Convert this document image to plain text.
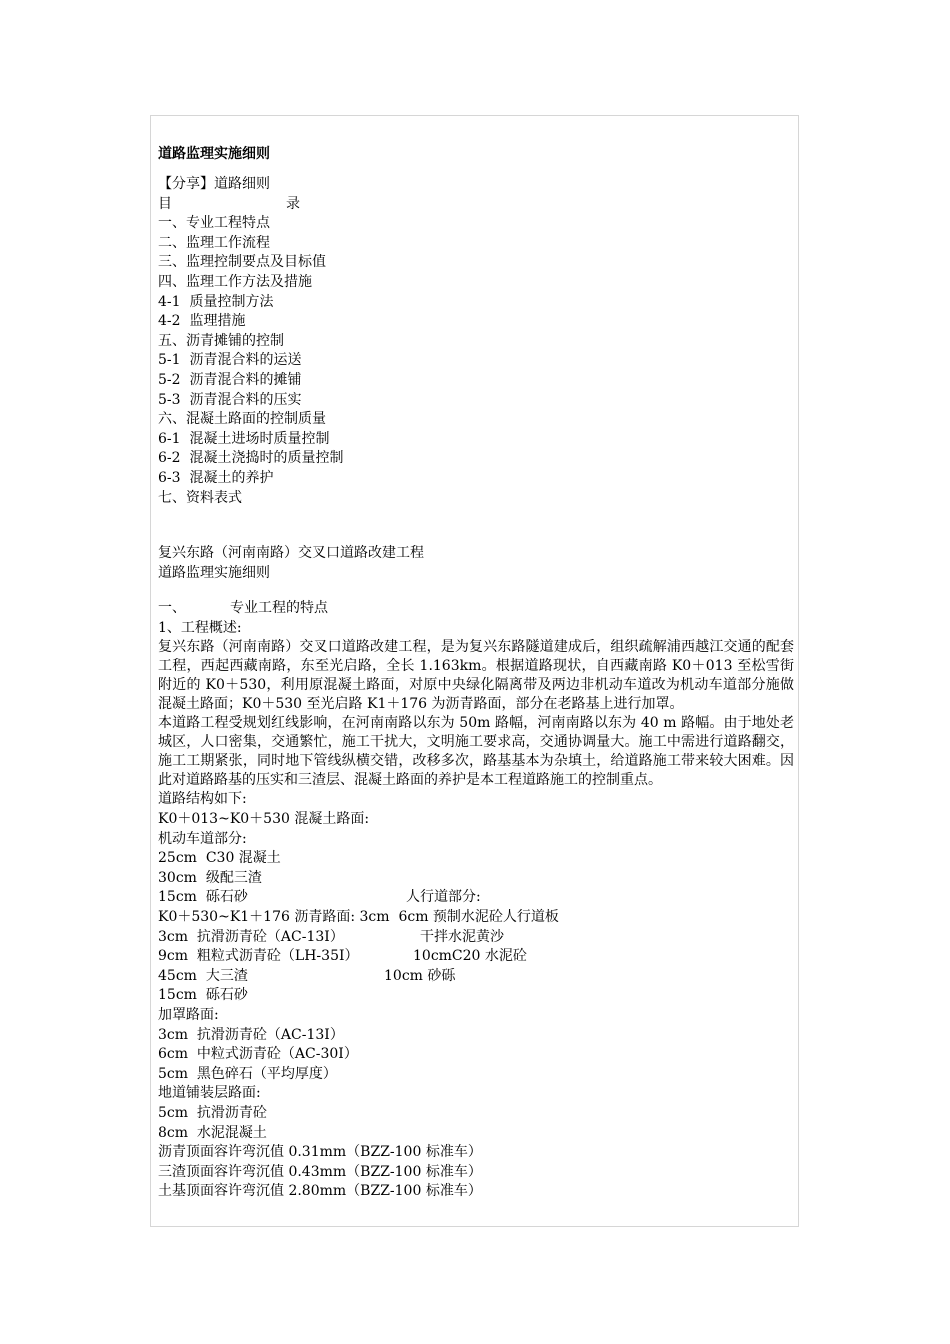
道路监理实施细则
【分享】道路细则
目	录
一、专业工程特点
二、监理工作流程
三、监理控制要点及目标值
四、监理工作方法及措施
4-1  质量控制方法
4-2  监理措施
五、沥青摊铺的控制
5-1  沥青混合料的运送
5-2  沥青混合料的摊铺
5-3  沥青混合料的压实
六、混凝土路面的控制质量
6-1  混凝土进场时质量控制
6-2  混凝土浇捣时的质量控制
6-3  混凝土的养护
七、资料表式
复兴东路（河南南路）交叉口道路改建工程
道路监理实施细则
一、	专业工程的特点
1、工程概述:
复兴东路（河南南路）交叉口道路改建工程，是为复兴东路隧道建成后，组织疏解浦西越江交通的配套工程，西起西藏南路，东至光启路，全长 1.163km。根据道路现状，自西藏南路 K0＋013 至松雪街附近的 K0＋530，利用原混凝土路面，对原中央绿化隔离带及两边非机动车道改为机动车道部分施做混凝土路面；K0＋530 至光启路 K1＋176 为沥青路面，部分在老路基上进行加罩。
本道路工程受规划红线影响，在河南南路以东为 50m 路幅，河南南路以东为 40 m 路幅。由于地处老城区，人口密集，交通繁忙，施工干扰大，文明施工要求高，交通协调量大。施工中需进行道路翻交，施工工期紧张，同时地下管线纵横交错，改移多次，路基基本为杂填土，给道路施工带来较大困难。因此对道路路基的压实和三渣层、混凝土路面的养护是本工程道路施工的控制重点。
道路结构如下:
K0＋013~K0＋530 混凝土路面:
机动车道部分:
25cm  C30 混凝土
30cm  级配三渣
15cm  砾石砂	人行道部分:
K0＋530~K1＋176 沥青路面: 3cm  6cm 预制水泥砼人行道板
3cm  抗滑沥青砼（AC-13Ⅰ）	干拌水泥黄沙
9cm  粗粒式沥青砼（LH-35Ⅰ）	10cmC20 水泥砼
45cm  大三渣	10cm 砂砾
15cm  砾石砂
加罩路面:
3cm  抗滑沥青砼（AC-13Ⅰ）
6cm  中粒式沥青砼（AC-30Ⅰ）
5cm  黑色碎石（平均厚度）
地道铺装层路面:
5cm  抗滑沥青砼
8cm  水泥混凝土
沥青顶面容许弯沉值 0.31mm（BZZ-100 标准车）
三渣顶面容许弯沉值 0.43mm（BZZ-100 标准车）
土基顶面容许弯沉值 2.80mm（BZZ-100 标准车）
